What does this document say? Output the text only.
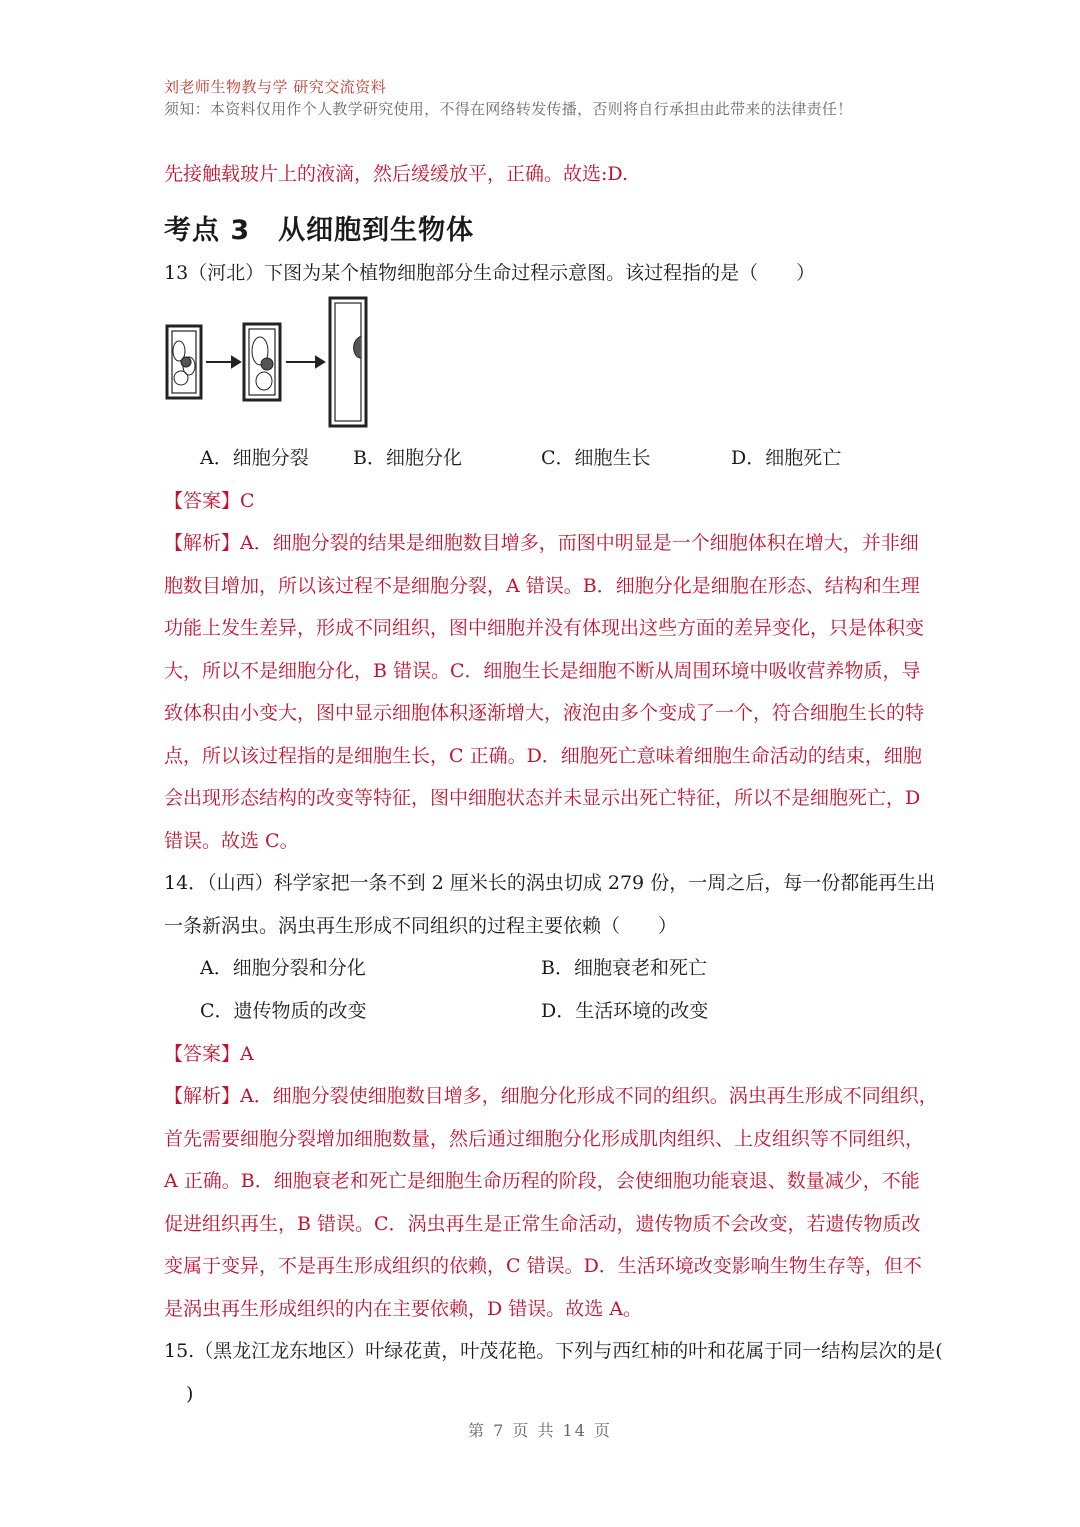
刘老师生物教与学 研究交流资料
须知：本资料仅用作个人教学研究使用，不得在网络转发传播，否则将自行承担由此带来的法律责任！
先接触载玻片上的液滴，然后缓缓放平，正确。故选:D.
考点 3　从细胞到生物体
13（河北）下图为某个植物细胞部分生命过程示意图。该过程指的是（　　）
A．细胞分裂 B．细胞分化	C．细胞生长	D．细胞死亡
【答案】C
【解析】A．细胞分裂的结果是细胞数目增多，而图中明显是一个细胞体积在增大，并非细
胞数目增加，所以该过程不是细胞分裂，A 错误。B．细胞分化是细胞在形态、结构和生理
功能上发生差异，形成不同组织，图中细胞并没有体现出这些方面的差异变化，只是体积变
大，所以不是细胞分化，B 错误。C．细胞生长是细胞不断从周围环境中吸收营养物质，导
致体积由小变大，图中显示细胞体积逐渐增大，液泡由多个变成了一个，符合细胞生长的特
点，所以该过程指的是细胞生长，C 正确。D．细胞死亡意味着细胞生命活动的结束，细胞
会出现形态结构的改变等特征，图中细胞状态并未显示出死亡特征，所以不是细胞死亡，D
错误。故选 C。
14．（山西）科学家把一条不到 2 厘米长的涡虫切成 279 份，一周之后，每一份都能再生出
一条新涡虫。涡虫再生形成不同组织的过程主要依赖（　　）
A．细胞分裂和分化	B．细胞衰老和死亡
C．遗传物质的改变	D．生活环境的改变
【答案】A
【解析】A．细胞分裂使细胞数目增多，细胞分化形成不同的组织。涡虫再生形成不同组织，
首先需要细胞分裂增加细胞数量，然后通过细胞分化形成肌肉组织、上皮组织等不同组织，
A 正确。B．细胞衰老和死亡是细胞生命历程的阶段，会使细胞功能衰退、数量减少，不能
促进组织再生，B 错误。C．涡虫再生是正常生命活动，遗传物质不会改变，若遗传物质改
变属于变异，不是再生形成组织的依赖，C 错误。D．生活环境改变影响生物生存等，但不
是涡虫再生形成组织的内在主要依赖，D 错误。故选 A。
15.（黑龙江龙东地区）叶绿花黄，叶茂花艳。下列与西红柿的叶和花属于同一结构层次的是(
)
第 7 页 共 14 页
